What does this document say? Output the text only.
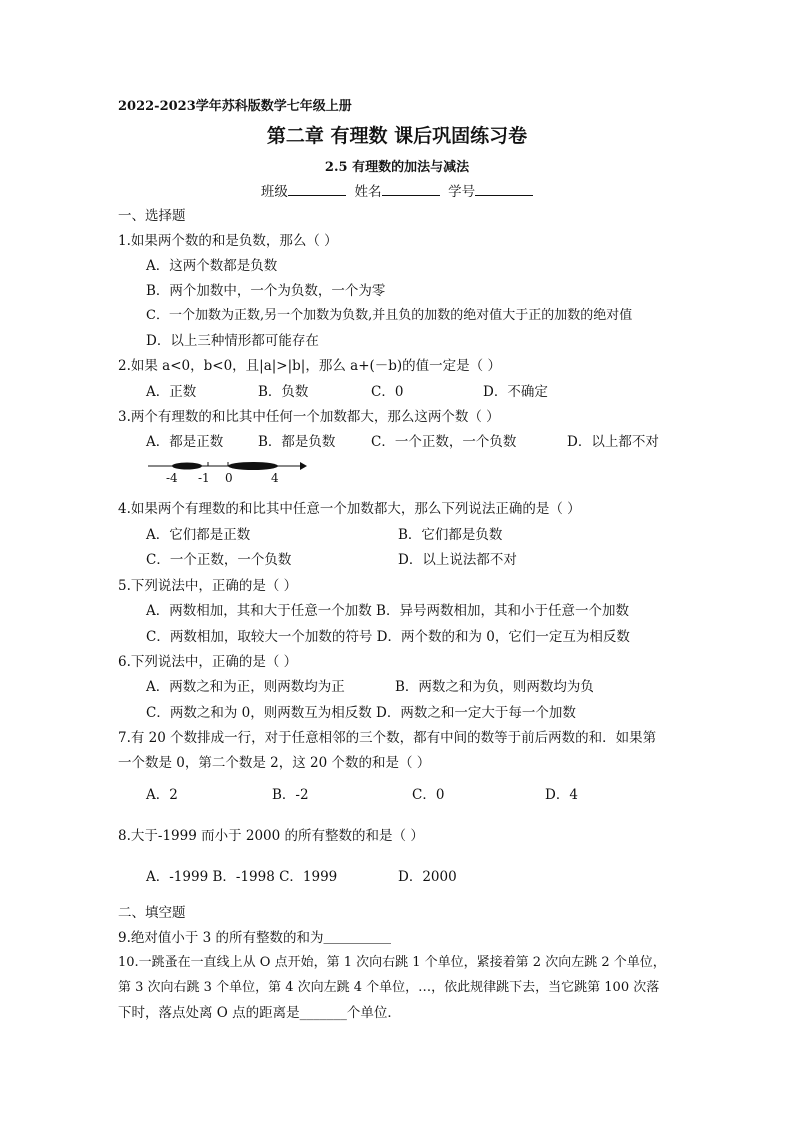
2022-2023学年苏科版数学七年级上册
第二章 有理数 课后巩固练习卷
2.5 有理数的加法与减法
班级	姓名	学号
一、选择题
1.如果两个数的和是负数，那么（ ）
A．这两个数都是负数
B．两个加数中，一个为负数，一个为零
C．一个加数为正数,另一个加数为负数,并且负的加数的绝对值大于正的加数的绝对值
D．以上三种情形都可能存在
2.如果 a<0，b<0，且|a|>|b|，那么 a+(－b)的值一定是（ ）
A．正数	B．负数	C．0	D．不确定
3.两个有理数的和比其中任何一个加数都大，那么这两个数（ ）
A．都是正数	B．都是负数	C．一个正数，一个负数	D．以上都不对
-4 -1 0	4
4.如果两个有理数的和比其中任意一个加数都大，那么下列说法正确的是（ ）
A．它们都是正数	B．它们都是负数
C．一个正数，一个负数	D．以上说法都不对
5.下列说法中，正确的是（ ）
A．两数相加，其和大于任意一个加数 B．异号两数相加，其和小于任意一个加数
C．两数相加，取较大一个加数的符号 D．两个数的和为 0，它们一定互为相反数
6.下列说法中，正确的是（ ）
A．两数之和为正，则两数均为正	B．两数之和为负，则两数均为负
C．两数之和为 0，则两数互为相反数 D．两数之和一定大于每一个加数
7.有 20 个数排成一行，对于任意相邻的三个数，都有中间的数等于前后两数的和．如果第
一个数是 0，第二个数是 2，这 20 个数的和是（ ）
A．2	B．-2	C．0	D．4
8.大于-1999 而小于 2000 的所有整数的和是（ ）
A．-1999 B．-1998 C．1999	D．2000
二、填空题
9.绝对值小于 3 的所有整数的和为＿＿＿＿＿
10.一跳蚤在一直线上从 O 点开始，第 1 次向右跳 1 个单位，紧接着第 2 次向左跳 2 个单位，
第 3 次向右跳 3 个单位，第 4 次向左跳 4 个单位，…，依此规律跳下去，当它跳第 100 次落
下时，落点处离 O 点的距离是_______个单位．
